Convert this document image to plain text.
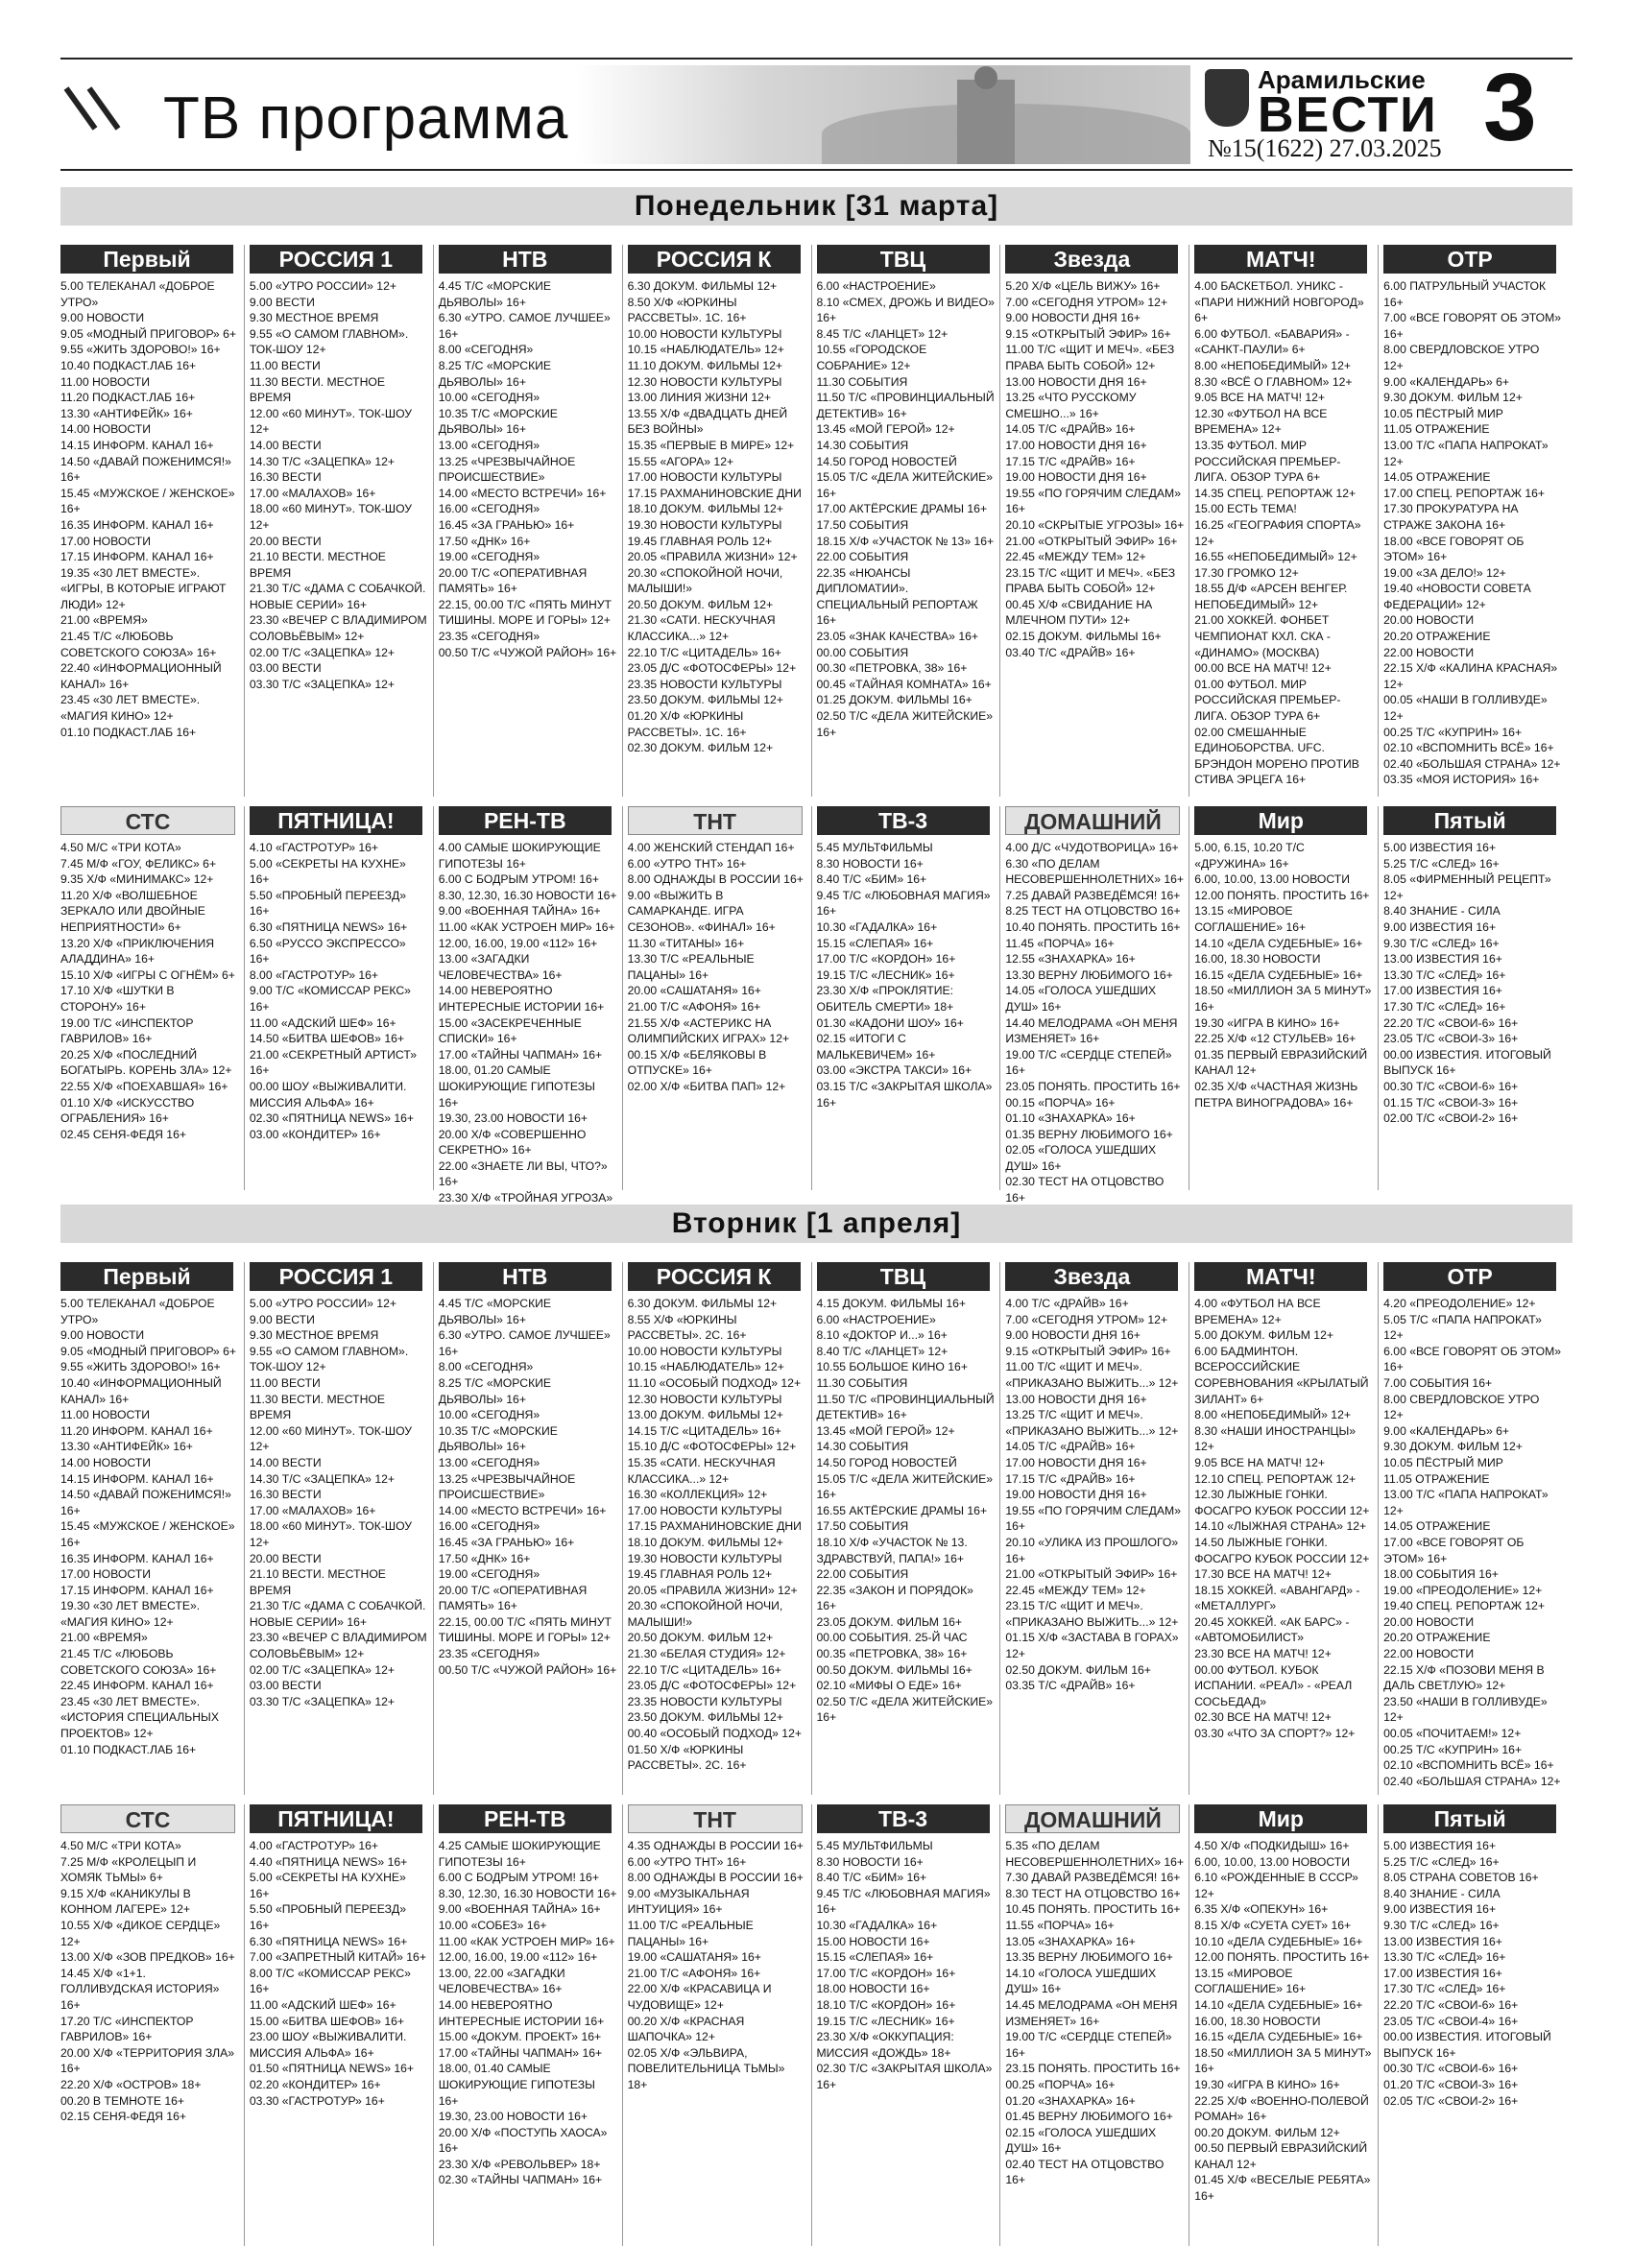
ТВ программа
Арамильские
ВЕСТИ
№15(1622) 27.03.2025 3
Понедельник [31 марта]
Первый
5.00 ТЕЛЕКАНАЛ «ДОБРОЕ УТРО»
9.00 НОВОСТИ
9.05 «МОДНЫЙ ПРИГОВОР» 6+
9.55 «ЖИТЬ ЗДОРОВО!» 16+
10.40 ПОДКАСТ.ЛАБ 16+
11.00 НОВОСТИ
11.20 ПОДКАСТ.ЛАБ 16+
13.30 «АНТИФЕЙК» 16+
14.00 НОВОСТИ
14.15 ИНФОРМ. КАНАЛ 16+
14.50 «ДАВАЙ ПОЖЕНИМСЯ!» 16+
15.45 «МУЖСКОЕ / ЖЕНСКОЕ» 16+
16.35 ИНФОРМ. КАНАЛ 16+
17.00 НОВОСТИ
17.15 ИНФОРМ. КАНАЛ 16+
19.35 «30 ЛЕТ ВМЕСТЕ». «ИГРЫ, В КОТОРЫЕ ИГРАЮТ ЛЮДИ» 12+
21.00 «ВРЕМЯ»
21.45 Т/С «ЛЮБОВЬ СОВЕТСКОГО СОЮЗА» 16+
22.40 «ИНФОРМАЦИОННЫЙ КАНАЛ» 16+
23.45 «30 ЛЕТ ВМЕСТЕ». «МАГИЯ КИНО» 12+
01.10 ПОДКАСТ.ЛАБ 16+
РОССИЯ 1
5.00 «УТРО РОССИИ» 12+
9.00 ВЕСТИ
9.30 МЕСТНОЕ ВРЕМЯ
9.55 «О САМОМ ГЛАВНОМ». ТОК-ШОУ 12+
11.00 ВЕСТИ
11.30 ВЕСТИ. МЕСТНОЕ ВРЕМЯ
12.00 «60 МИНУТ». ТОК-ШОУ 12+
14.00 ВЕСТИ
14.30 Т/С «ЗАЦЕПКА» 12+
16.30 ВЕСТИ
17.00 «МАЛАХОВ» 16+
18.00 «60 МИНУТ». ТОК-ШОУ 12+
20.00 ВЕСТИ
21.10 ВЕСТИ. МЕСТНОЕ ВРЕМЯ
21.30 Т/С «ДАМА С СОБАЧКОЙ. НОВЫЕ СЕРИИ» 16+
23.30 «ВЕЧЕР С ВЛАДИМИРОМ СОЛОВЬЁВЫМ» 12+
02.00 Т/С «ЗАЦЕПКА» 12+
03.00 ВЕСТИ
03.30 Т/С «ЗАЦЕПКА» 12+
НТВ
4.45 Т/С «МОРСКИЕ ДЬЯВОЛЫ» 16+
6.30 «УТРО. САМОЕ ЛУЧШЕЕ» 16+
8.00 «СЕГОДНЯ»
8.25 Т/С «МОРСКИЕ ДЬЯВОЛЫ» 16+
10.00 «СЕГОДНЯ»
10.35 Т/С «МОРСКИЕ ДЬЯВОЛЫ» 16+
13.00 «СЕГОДНЯ»
13.25 «ЧРЕЗВЫЧАЙНОЕ ПРОИСШЕСТВИЕ»
14.00 «МЕСТО ВСТРЕЧИ» 16+
16.00 «СЕГОДНЯ»
16.45 «ЗА ГРАНЬЮ» 16+
17.50 «ДНК» 16+
19.00 «СЕГОДНЯ»
20.00 Т/С «ОПЕРАТИВНАЯ ПАМЯТЬ» 16+
22.15, 00.00 Т/С «ПЯТЬ МИНУТ ТИШИНЫ. МОРЕ И ГОРЫ» 12+
23.35 «СЕГОДНЯ»
00.50 Т/С «ЧУЖОЙ РАЙОН» 16+
РОССИЯ К
6.30 ДОКУМ. ФИЛЬМЫ 12+
8.50 Х/Ф «ЮРКИНЫ РАССВЕТЫ». 1С. 16+
10.00 НОВОСТИ КУЛЬТУРЫ
10.15 «НАБЛЮДАТЕЛЬ» 12+
11.10 ДОКУМ. ФИЛЬМЫ 12+
12.30 НОВОСТИ КУЛЬТУРЫ
13.00 ЛИНИЯ ЖИЗНИ 12+
13.55 Х/Ф «ДВАДЦАТЬ ДНЕЙ БЕЗ ВОЙНЫ»
15.35 «ПЕРВЫЕ В МИРЕ» 12+
15.55 «АГОРА» 12+
17.00 НОВОСТИ КУЛЬТУРЫ
17.15 РАХМАНИНОВСКИЕ ДНИ
18.10 ДОКУМ. ФИЛЬМЫ 12+
19.30 НОВОСТИ КУЛЬТУРЫ
19.45 ГЛАВНАЯ РОЛЬ 12+
20.05 «ПРАВИЛА ЖИЗНИ» 12+
20.30 «СПОКОЙНОЙ НОЧИ, МАЛЫШИ!»
20.50 ДОКУМ. ФИЛЬМ 12+
21.30 «САТИ. НЕСКУЧНАЯ КЛАССИКА...» 12+
22.10 Т/С «ЦИТАДЕЛЬ» 16+
23.05 Д/С «ФОТОСФЕРЫ» 12+
23.35 НОВОСТИ КУЛЬТУРЫ
23.50 ДОКУМ. ФИЛЬМЫ 12+
01.20 Х/Ф «ЮРКИНЫ РАССВЕТЫ». 1С. 16+
02.30 ДОКУМ. ФИЛЬМ 12+
ТВЦ
6.00 «НАСТРОЕНИЕ»
8.10 «СМЕХ, ДРОЖЬ И ВИДЕО» 16+
8.45 Т/С «ЛАНЦЕТ» 12+
10.55 «ГОРОДСКОЕ СОБРАНИЕ» 12+
11.30 СОБЫТИЯ
11.50 Т/С «ПРОВИНЦИАЛЬНЫЙ ДЕТЕКТИВ» 16+
13.45 «МОЙ ГЕРОЙ» 12+
14.30 СОБЫТИЯ
14.50 ГОРОД НОВОСТЕЙ
15.05 Т/С «ДЕЛА ЖИТЕЙСКИЕ» 16+
17.00 АКТЁРСКИЕ ДРАМЫ 16+
17.50 СОБЫТИЯ
18.15 Х/Ф «УЧАСТОК № 13» 16+
22.00 СОБЫТИЯ
22.35 «НЮАНСЫ ДИПЛОМАТИИ». СПЕЦИАЛЬНЫЙ РЕПОРТАЖ 16+
23.05 «ЗНАК КАЧЕСТВА» 16+
00.00 СОБЫТИЯ
00.30 «ПЕТРОВКА, 38» 16+
00.45 «ТАЙНАЯ КОМНАТА» 16+
01.25 ДОКУМ. ФИЛЬМЫ 16+
02.50 Т/С «ДЕЛА ЖИТЕЙСКИЕ» 16+
Звезда
5.20 Х/Ф «ЦЕЛЬ ВИЖУ» 16+
7.00 «СЕГОДНЯ УТРОМ» 12+
9.00 НОВОСТИ ДНЯ 16+
9.15 «ОТКРЫТЫЙ ЭФИР» 16+
11.00 Т/С «ЩИТ И МЕЧ». «БЕЗ ПРАВА БЫТЬ СОБОЙ» 12+
13.00 НОВОСТИ ДНЯ 16+
13.25 «ЧТО РУССКОМУ СМЕШНО...» 16+
14.05 Т/С «ДРАЙВ» 16+
17.00 НОВОСТИ ДНЯ 16+
17.15 Т/С «ДРАЙВ» 16+
19.00 НОВОСТИ ДНЯ 16+
19.55 «ПО ГОРЯЧИМ СЛЕДАМ» 16+
20.10 «СКРЫТЫЕ УГРОЗЫ» 16+
21.00 «ОТКРЫТЫЙ ЭФИР» 16+
22.45 «МЕЖДУ ТЕМ» 12+
23.15 Т/С «ЩИТ И МЕЧ». «БЕЗ ПРАВА БЫТЬ СОБОЙ» 12+
00.45 Х/Ф «СВИДАНИЕ НА МЛЕЧНОМ ПУТИ» 12+
02.15 ДОКУМ. ФИЛЬМЫ 16+
03.40 Т/С «ДРАЙВ» 16+
МАТЧ!
4.00 БАСКЕТБОЛ. УНИКС - «ПАРИ НИЖНИЙ НОВГОРОД» 6+
6.00 ФУТБОЛ. «БАВАРИЯ» - «САНКТ-ПАУЛИ» 6+
8.00 «НЕПОБЕДИМЫЙ» 12+
8.30 «ВСЁ О ГЛАВНОМ» 12+
9.05 ВСЕ НА МАТЧ! 12+
12.30 «ФУТБОЛ НА ВСЕ ВРЕМЕНА» 12+
13.35 ФУТБОЛ. МИР РОССИЙСКАЯ ПРЕМЬЕР-ЛИГА. ОБЗОР ТУРА 6+
14.35 СПЕЦ. РЕПОРТАЖ 12+
15.00 ЕСТЬ ТЕМА!
16.25 «ГЕОГРАФИЯ СПОРТА» 12+
16.55 «НЕПОБЕДИМЫЙ» 12+
17.30 ГРОМКО 12+
18.55 Д/Ф «АРСЕН ВЕНГЕР. НЕПОБЕДИМЫЙ» 12+
21.00 ХОККЕЙ. ФОНБЕТ ЧЕМПИОНАТ КХЛ. СКА - «ДИНАМО» (МОСКВА)
00.00 ВСЕ НА МАТЧ! 12+
01.00 ФУТБОЛ. МИР РОССИЙСКАЯ ПРЕМЬЕР-ЛИГА. ОБЗОР ТУРА 6+
02.00 СМЕШАННЫЕ ЕДИНОБОРСТВА. UFC. БРЭНДОН МОРЕНО ПРОТИВ СТИВА ЭРЦЕГА 16+
ОТР
6.00 ПАТРУЛЬНЫЙ УЧАСТОК 16+
7.00 «ВСЕ ГОВОРЯТ ОБ ЭТОМ» 16+
8.00 СВЕРДЛОВСКОЕ УТРО 12+
9.00 «КАЛЕНДАРЬ» 6+
9.30 ДОКУМ. ФИЛЬМ 12+
10.05 ПЁСТРЫЙ МИР
11.05 ОТРАЖЕНИЕ
13.00 Т/С «ПАПА НАПРОКАТ» 12+
14.05 ОТРАЖЕНИЕ
17.00 СПЕЦ. РЕПОРТАЖ 16+
17.30 ПРОКУРАТУРА НА СТРАЖЕ ЗАКОНА 16+
18.00 «ВСЕ ГОВОРЯТ ОБ ЭТОМ» 16+
19.00 «ЗА ДЕЛО!» 12+
19.40 «НОВОСТИ СОВЕТА ФЕДЕРАЦИИ» 12+
20.00 НОВОСТИ
20.20 ОТРАЖЕНИЕ
22.00 НОВОСТИ
22.15 Х/Ф «КАЛИНА КРАСНАЯ» 12+
00.05 «НАШИ В ГОЛЛИВУДЕ» 12+
00.25 Т/С «КУПРИН» 16+
02.10 «ВСПОМНИТЬ ВСЁ» 16+
02.40 «БОЛЬШАЯ СТРАНА» 12+
03.35 «МОЯ ИСТОРИЯ» 16+
СТС
4.50 М/С «ТРИ КОТА»
7.45 М/Ф «ГОУ, ФЕЛИКС» 6+
9.35 Х/Ф «МИНИМАКС» 12+
11.20 Х/Ф «ВОЛШЕБНОЕ ЗЕРКАЛО ИЛИ ДВОЙНЫЕ НЕПРИЯТНОСТИ» 6+
13.20 Х/Ф «ПРИКЛЮЧЕНИЯ АЛАДДИНА» 16+
15.10 Х/Ф «ИГРЫ С ОГНЁМ» 6+
17.10 Х/Ф «ШУТКИ В СТОРОНУ» 16+
19.00 Т/С «ИНСПЕКТОР ГАВРИЛОВ» 16+
20.25 Х/Ф «ПОСЛЕДНИЙ БОГАТЫРЬ. КОРЕНЬ ЗЛА» 12+
22.55 Х/Ф «ПОЕХАВШАЯ» 16+
01.10 Х/Ф «ИСКУССТВО ОГРАБЛЕНИЯ» 16+
02.45 СЕНЯ-ФЕДЯ 16+
ПЯТНИЦА!
4.10 «ГАСТРОТУР» 16+
5.00 «СЕКРЕТЫ НА КУХНЕ» 16+
5.50 «ПРОБНЫЙ ПЕРЕЕЗД» 16+
6.30 «ПЯТНИЦА NEWS» 16+
6.50 «РУССО ЭКСПРЕССО» 16+
8.00 «ГАСТРОТУР» 16+
9.00 Т/С «КОМИССАР РЕКС» 16+
11.00 «АДСКИЙ ШЕФ» 16+
14.50 «БИТВА ШЕФОВ» 16+
21.00 «СЕКРЕТНЫЙ АРТИСТ» 16+
00.00 ШОУ «ВЫЖИВАЛИТИ. МИССИЯ АЛЬФА» 16+
02.30 «ПЯТНИЦА NEWS» 16+
03.00 «КОНДИТЕР» 16+
РЕН-ТВ
4.00 САМЫЕ ШОКИРУЮЩИЕ ГИПОТЕЗЫ 16+
6.00 С БОДРЫМ УТРОМ! 16+
8.30, 12.30, 16.30 НОВОСТИ 16+
9.00 «ВОЕННАЯ ТАЙНА» 16+
11.00 «КАК УСТРОЕН МИР» 16+
12.00, 16.00, 19.00 «112» 16+
13.00 «ЗАГАДКИ ЧЕЛОВЕЧЕСТВА» 16+
14.00 НЕВЕРОЯТНО ИНТЕРЕСНЫЕ ИСТОРИИ 16+
15.00 «ЗАСЕКРЕЧЕННЫЕ СПИСКИ» 16+
17.00 «ТАЙНЫ ЧАПМАН» 16+
18.00, 01.20 САМЫЕ ШОКИРУЮЩИЕ ГИПОТЕЗЫ 16+
19.30, 23.00 НОВОСТИ 16+
20.00 Х/Ф «СОВЕРШЕННО СЕКРЕТНО» 16+
22.00 «ЗНАЕТЕ ЛИ ВЫ, ЧТО?» 16+
23.30 Х/Ф «ТРОЙНАЯ УГРОЗА»
ТНТ
4.00 ЖЕНСКИЙ СТЕНДАП 16+
6.00 «УТРО ТНТ» 16+
8.00 ОДНАЖДЫ В РОССИИ 16+
9.00 «ВЫЖИТЬ В САМАРКАНДЕ. ИГРА СЕЗОНОВ». «ФИНАЛ» 16+
11.30 «ТИТАНЫ» 16+
13.30 Т/С «РЕАЛЬНЫЕ ПАЦАНЫ» 16+
20.00 «САШАТАНЯ» 16+
21.00 Т/С «АФОНЯ» 16+
21.55 Х/Ф «АСТЕРИКС НА ОЛИМПИЙСКИХ ИГРАХ» 12+
00.15 Х/Ф «БЕЛЯКОВЫ В ОТПУСКЕ» 16+
02.00 Х/Ф «БИТВА ПАП» 12+
ТВ-3
5.45 МУЛЬТФИЛЬМЫ
8.30 НОВОСТИ 16+
8.40 Т/С «БИМ» 16+
9.45 Т/С «ЛЮБОВНАЯ МАГИЯ» 16+
10.30 «ГАДАЛКА» 16+
15.15 «СЛЕПАЯ» 16+
17.00 Т/С «КОРДОН» 16+
19.15 Т/С «ЛЕСНИК» 16+
23.30 Х/Ф «ПРОКЛЯТИЕ: ОБИТЕЛЬ СМЕРТИ» 18+
01.30 «КАДОНИ ШОУ» 16+
02.15 «ИТОГИ С МАЛЬКЕВИЧЕМ» 16+
03.00 «ЭКСТРА ТАКСИ» 16+
03.15 Т/С «ЗАКРЫТАЯ ШКОЛА» 16+
ДОМАШНИЙ
4.00 Д/С «ЧУДОТВОРИЦА» 16+
6.30 «ПО ДЕЛАМ НЕСОВЕРШЕННОЛЕТНИХ» 16+
7.25 ДАВАЙ РАЗВЕДЁМСЯ! 16+
8.25 ТЕСТ НА ОТЦОВСТВО 16+
10.40 ПОНЯТЬ. ПРОСТИТЬ 16+
11.45 «ПОРЧА» 16+
12.55 «ЗНАХАРКА» 16+
13.30 ВЕРНУ ЛЮБИМОГО 16+
14.05 «ГОЛОСА УШЕДШИХ ДУШ» 16+
14.40 МЕЛОДРАМА «ОН МЕНЯ ИЗМЕНЯЕТ» 16+
19.00 Т/С «СЕРДЦЕ СТЕПЕЙ» 16+
23.05 ПОНЯТЬ. ПРОСТИТЬ 16+
00.15 «ПОРЧА» 16+
01.10 «ЗНАХАРКА» 16+
01.35 ВЕРНУ ЛЮБИМОГО 16+
02.05 «ГОЛОСА УШЕДШИХ ДУШ» 16+
02.30 ТЕСТ НА ОТЦОВСТВО 16+
Мир
5.00, 6.15, 10.20 Т/С «ДРУЖИНА» 16+
6.00, 10.00, 13.00 НОВОСТИ
12.00 ПОНЯТЬ. ПРОСТИТЬ 16+
13.15 «МИРОВОЕ СОГЛАШЕНИЕ» 16+
14.10 «ДЕЛА СУДЕБНЫЕ» 16+
16.00, 18.30 НОВОСТИ
16.15 «ДЕЛА СУДЕБНЫЕ» 16+
18.50 «МИЛЛИОН ЗА 5 МИНУТ» 16+
19.30 «ИГРА В КИНО» 16+
22.25 Х/Ф «12 СТУЛЬЕВ» 16+
01.35 ПЕРВЫЙ ЕВРАЗИЙСКИЙ КАНАЛ 12+
02.35 Х/Ф «ЧАСТНАЯ ЖИЗНЬ ПЕТРА ВИНОГРАДОВА» 16+
Пятый
5.00 ИЗВЕСТИЯ 16+
5.25 Т/С «СЛЕД» 16+
8.05 «ФИРМЕННЫЙ РЕЦЕПТ» 12+
8.40 ЗНАНИЕ - СИЛА
9.00 ИЗВЕСТИЯ 16+
9.30 Т/С «СЛЕД» 16+
13.00 ИЗВЕСТИЯ 16+
13.30 Т/С «СЛЕД» 16+
17.00 ИЗВЕСТИЯ 16+
17.30 Т/С «СЛЕД» 16+
22.20 Т/С «СВОИ-6» 16+
23.05 Т/С «СВОИ-3» 16+
00.00 ИЗВЕСТИЯ. ИТОГОВЫЙ ВЫПУСК 16+
00.30 Т/С «СВОИ-6» 16+
01.15 Т/С «СВОИ-3» 16+
02.00 Т/С «СВОИ-2» 16+
Вторник [1 апреля]
Первый
5.00 ТЕЛЕКАНАЛ «ДОБРОЕ УТРО»
9.00 НОВОСТИ
9.05 «МОДНЫЙ ПРИГОВОР» 6+
9.55 «ЖИТЬ ЗДОРОВО!» 16+
10.40 «ИНФОРМАЦИОННЫЙ КАНАЛ» 16+
11.00 НОВОСТИ
11.20 ИНФОРМ. КАНАЛ 16+
13.30 «АНТИФЕЙК» 16+
14.00 НОВОСТИ
14.15 ИНФОРМ. КАНАЛ 16+
14.50 «ДАВАЙ ПОЖЕНИМСЯ!» 16+
15.45 «МУЖСКОЕ / ЖЕНСКОЕ» 16+
16.35 ИНФОРМ. КАНАЛ 16+
17.00 НОВОСТИ
17.15 ИНФОРМ. КАНАЛ 16+
19.30 «30 ЛЕТ ВМЕСТЕ». «МАГИЯ КИНО» 12+
21.00 «ВРЕМЯ»
21.45 Т/С «ЛЮБОВЬ СОВЕТСКОГО СОЮЗА» 16+
22.45 ИНФОРМ. КАНАЛ 16+
23.45 «30 ЛЕТ ВМЕСТЕ». «ИСТОРИЯ СПЕЦИАЛЬНЫХ ПРОЕКТОВ» 12+
01.10 ПОДКАСТ.ЛАБ 16+
РОССИЯ 1
5.00 «УТРО РОССИИ» 12+
9.00 ВЕСТИ
9.30 МЕСТНОЕ ВРЕМЯ
9.55 «О САМОМ ГЛАВНОМ». ТОК-ШОУ 12+
11.00 ВЕСТИ
11.30 ВЕСТИ. МЕСТНОЕ ВРЕМЯ
12.00 «60 МИНУТ». ТОК-ШОУ 12+
14.00 ВЕСТИ
14.30 Т/С «ЗАЦЕПКА» 12+
16.30 ВЕСТИ
17.00 «МАЛАХОВ» 16+
18.00 «60 МИНУТ». ТОК-ШОУ 12+
20.00 ВЕСТИ
21.10 ВЕСТИ. МЕСТНОЕ ВРЕМЯ
21.30 Т/С «ДАМА С СОБАЧКОЙ. НОВЫЕ СЕРИИ» 16+
23.30 «ВЕЧЕР С ВЛАДИМИРОМ СОЛОВЬЁВЫМ» 12+
02.00 Т/С «ЗАЦЕПКА» 12+
03.00 ВЕСТИ
03.30 Т/С «ЗАЦЕПКА» 12+
НТВ
4.45 Т/С «МОРСКИЕ ДЬЯВОЛЫ» 16+
6.30 «УТРО. САМОЕ ЛУЧШЕЕ» 16+
8.00 «СЕГОДНЯ»
8.25 Т/С «МОРСКИЕ ДЬЯВОЛЫ» 16+
10.00 «СЕГОДНЯ»
10.35 Т/С «МОРСКИЕ ДЬЯВОЛЫ» 16+
13.00 «СЕГОДНЯ»
13.25 «ЧРЕЗВЫЧАЙНОЕ ПРОИСШЕСТВИЕ»
14.00 «МЕСТО ВСТРЕЧИ» 16+
16.00 «СЕГОДНЯ»
16.45 «ЗА ГРАНЬЮ» 16+
17.50 «ДНК» 16+
19.00 «СЕГОДНЯ»
20.00 Т/С «ОПЕРАТИВНАЯ ПАМЯТЬ» 16+
22.15, 00.00 Т/С «ПЯТЬ МИНУТ ТИШИНЫ. МОРЕ И ГОРЫ» 12+
23.35 «СЕГОДНЯ»
00.50 Т/С «ЧУЖОЙ РАЙОН» 16+
РОССИЯ К
6.30 ДОКУМ. ФИЛЬМЫ 12+
8.55 Х/Ф «ЮРКИНЫ РАССВЕТЫ». 2С. 16+
10.00 НОВОСТИ КУЛЬТУРЫ
10.15 «НАБЛЮДАТЕЛЬ» 12+
11.10 «ОСОБЫЙ ПОДХОД» 12+
12.30 НОВОСТИ КУЛЬТУРЫ
13.00 ДОКУМ. ФИЛЬМЫ 12+
14.15 Т/С «ЦИТАДЕЛЬ» 16+
15.10 Д/С «ФОТОСФЕРЫ» 12+
15.35 «САТИ. НЕСКУЧНАЯ КЛАССИКА...» 12+
16.30 «КОЛЛЕКЦИЯ» 12+
17.00 НОВОСТИ КУЛЬТУРЫ
17.15 РАХМАНИНОВСКИЕ ДНИ
18.10 ДОКУМ. ФИЛЬМЫ 12+
19.30 НОВОСТИ КУЛЬТУРЫ
19.45 ГЛАВНАЯ РОЛЬ 12+
20.05 «ПРАВИЛА ЖИЗНИ» 12+
20.30 «СПОКОЙНОЙ НОЧИ, МАЛЫШИ!»
20.50 ДОКУМ. ФИЛЬМ 12+
21.30 «БЕЛАЯ СТУДИЯ» 12+
22.10 Т/С «ЦИТАДЕЛЬ» 16+
23.05 Д/С «ФОТОСФЕРЫ» 12+
23.35 НОВОСТИ КУЛЬТУРЫ
23.50 ДОКУМ. ФИЛЬМЫ 12+
00.40 «ОСОБЫЙ ПОДХОД» 12+
01.50 Х/Ф «ЮРКИНЫ РАССВЕТЫ». 2С. 16+
ТВЦ
4.15 ДОКУМ. ФИЛЬМЫ 16+
6.00 «НАСТРОЕНИЕ»
8.10 «ДОКТОР И...» 16+
8.40 Т/С «ЛАНЦЕТ» 12+
10.55 БОЛЬШОЕ КИНО 16+
11.30 СОБЫТИЯ
11.50 Т/С «ПРОВИНЦИАЛЬНЫЙ ДЕТЕКТИВ» 16+
13.45 «МОЙ ГЕРОЙ» 12+
14.30 СОБЫТИЯ
14.50 ГОРОД НОВОСТЕЙ
15.05 Т/С «ДЕЛА ЖИТЕЙСКИЕ» 16+
16.55 АКТЁРСКИЕ ДРАМЫ 16+
17.50 СОБЫТИЯ
18.10 Х/Ф «УЧАСТОК № 13. ЗДРАВСТВУЙ, ПАПА!» 16+
22.00 СОБЫТИЯ
22.35 «ЗАКОН И ПОРЯДОК» 16+
23.05 ДОКУМ. ФИЛЬМ 16+
00.00 СОБЫТИЯ. 25-Й ЧАС
00.35 «ПЕТРОВКА, 38» 16+
00.50 ДОКУМ. ФИЛЬМЫ 16+
02.10 «МИФЫ О ЕДЕ» 16+
02.50 Т/С «ДЕЛА ЖИТЕЙСКИЕ» 16+
Звезда
4.00 Т/С «ДРАЙВ» 16+
7.00 «СЕГОДНЯ УТРОМ» 12+
9.00 НОВОСТИ ДНЯ 16+
9.15 «ОТКРЫТЫЙ ЭФИР» 16+
11.00 Т/С «ЩИТ И МЕЧ». «ПРИКАЗАНО ВЫЖИТЬ...» 12+
13.00 НОВОСТИ ДНЯ 16+
13.25 Т/С «ЩИТ И МЕЧ». «ПРИКАЗАНО ВЫЖИТЬ...» 12+
14.05 Т/С «ДРАЙВ» 16+
17.00 НОВОСТИ ДНЯ 16+
17.15 Т/С «ДРАЙВ» 16+
19.00 НОВОСТИ ДНЯ 16+
19.55 «ПО ГОРЯЧИМ СЛЕДАМ» 16+
20.10 «УЛИКА ИЗ ПРОШЛОГО» 16+
21.00 «ОТКРЫТЫЙ ЭФИР» 16+
22.45 «МЕЖДУ ТЕМ» 12+
23.15 Т/С «ЩИТ И МЕЧ». «ПРИКАЗАНО ВЫЖИТЬ...» 12+
01.15 Х/Ф «ЗАСТАВА В ГОРАХ» 12+
02.50 ДОКУМ. ФИЛЬМ 16+
03.35 Т/С «ДРАЙВ» 16+
МАТЧ!
4.00 «ФУТБОЛ НА ВСЕ ВРЕМЕНА» 12+
5.00 ДОКУМ. ФИЛЬМ 12+
6.00 БАДМИНТОН. ВСЕРОССИЙСКИЕ СОРЕВНОВАНИЯ «КРЫЛАТЫЙ ЗИЛАНТ» 6+
8.00 «НЕПОБЕДИМЫЙ» 12+
8.30 «НАШИ ИНОСТРАНЦЫ» 12+
9.05 ВСЕ НА МАТЧ! 12+
12.10 СПЕЦ. РЕПОРТАЖ 12+
12.30 ЛЫЖНЫЕ ГОНКИ. ФОСАГРО КУБОК РОССИИ 12+
14.10 «ЛЫЖНАЯ СТРАНА» 12+
14.50 ЛЫЖНЫЕ ГОНКИ. ФОСАГРО КУБОК РОССИИ 12+
17.30 ВСЕ НА МАТЧ! 12+
18.15 ХОККЕЙ. «АВАНГАРД» - «МЕТАЛЛУРГ»
20.45 ХОККЕЙ. «АК БАРС» - «АВТОМОБИЛИСТ»
23.30 ВСЕ НА МАТЧ! 12+
00.00 ФУТБОЛ. КУБОК ИСПАНИИ. «РЕАЛ» - «РЕАЛ СОСЬЕДАД»
02.30 ВСЕ НА МАТЧ! 12+
03.30 «ЧТО ЗА СПОРТ?» 12+
ОТР
4.20 «ПРЕОДОЛЕНИЕ» 12+
5.05 Т/С «ПАПА НАПРОКАТ» 12+
6.00 «ВСЕ ГОВОРЯТ ОБ ЭТОМ» 16+
7.00 СОБЫТИЯ 16+
8.00 СВЕРДЛОВСКОЕ УТРО 12+
9.00 «КАЛЕНДАРЬ» 6+
9.30 ДОКУМ. ФИЛЬМ 12+
10.05 ПЁСТРЫЙ МИР
11.05 ОТРАЖЕНИЕ
13.00 Т/С «ПАПА НАПРОКАТ» 12+
14.05 ОТРАЖЕНИЕ
17.00 «ВСЕ ГОВОРЯТ ОБ ЭТОМ» 16+
18.00 СОБЫТИЯ 16+
19.00 «ПРЕОДОЛЕНИЕ» 12+
19.40 СПЕЦ. РЕПОРТАЖ 12+
20.00 НОВОСТИ
20.20 ОТРАЖЕНИЕ
22.00 НОВОСТИ
22.15 Х/Ф «ПОЗОВИ МЕНЯ В ДАЛЬ СВЕТЛУЮ» 12+
23.50 «НАШИ В ГОЛЛИВУДЕ» 12+
00.05 «ПОЧИТАЕМ!» 12+
00.25 Т/С «КУПРИН» 16+
02.10 «ВСПОМНИТЬ ВСЁ» 16+
02.40 «БОЛЬШАЯ СТРАНА» 12+
СТС
4.50 М/С «ТРИ КОТА»
7.25 М/Ф «КРОЛЕЦЫП И ХОМЯК ТЬМЫ» 6+
9.15 Х/Ф «КАНИКУЛЫ В КОННОМ ЛАГЕРЕ» 12+
10.55 Х/Ф «ДИКОЕ СЕРДЦЕ» 12+
13.00 Х/Ф «ЗОВ ПРЕДКОВ» 16+
14.45 Х/Ф «1+1. ГОЛЛИВУДСКАЯ ИСТОРИЯ» 16+
17.20 Т/С «ИНСПЕКТОР ГАВРИЛОВ» 16+
20.00 Х/Ф «ТЕРРИТОРИЯ ЗЛА» 16+
22.20 Х/Ф «ОСТРОВ» 18+
00.20 В ТЕМНОТЕ 16+
02.15 СЕНЯ-ФЕДЯ 16+
ПЯТНИЦА!
4.00 «ГАСТРОТУР» 16+
4.40 «ПЯТНИЦА NEWS» 16+
5.00 «СЕКРЕТЫ НА КУХНЕ» 16+
5.50 «ПРОБНЫЙ ПЕРЕЕЗД» 16+
6.30 «ПЯТНИЦА NEWS» 16+
7.00 «ЗАПРЕТНЫЙ КИТАЙ» 16+
8.00 Т/С «КОМИССАР РЕКС» 16+
11.00 «АДСКИЙ ШЕФ» 16+
15.00 «БИТВА ШЕФОВ» 16+
23.00 ШОУ «ВЫЖИВАЛИТИ. МИССИЯ АЛЬФА» 16+
01.50 «ПЯТНИЦА NEWS» 16+
02.20 «КОНДИТЕР» 16+
03.30 «ГАСТРОТУР» 16+
РЕН-ТВ
4.25 САМЫЕ ШОКИРУЮЩИЕ ГИПОТЕЗЫ 16+
6.00 С БОДРЫМ УТРОМ! 16+
8.30, 12.30, 16.30 НОВОСТИ 16+
9.00 «ВОЕННАЯ ТАЙНА» 16+
10.00 «СОБЕЗ» 16+
11.00 «КАК УСТРОЕН МИР» 16+
12.00, 16.00, 19.00 «112» 16+
13.00, 22.00 «ЗАГАДКИ ЧЕЛОВЕЧЕСТВА» 16+
14.00 НЕВЕРОЯТНО ИНТЕРЕСНЫЕ ИСТОРИИ 16+
15.00 «ДОКУМ. ПРОЕКТ» 16+
17.00 «ТАЙНЫ ЧАПМАН» 16+
18.00, 01.40 САМЫЕ ШОКИРУЮЩИЕ ГИПОТЕЗЫ 16+
19.30, 23.00 НОВОСТИ 16+
20.00 Х/Ф «ПОСТУПЬ ХАОСА» 16+
23.30 Х/Ф «РЕВОЛЬВЕР» 18+
02.30 «ТАЙНЫ ЧАПМАН» 16+
ТНТ
4.35 ОДНАЖДЫ В РОССИИ 16+
6.00 «УТРО ТНТ» 16+
8.00 ОДНАЖДЫ В РОССИИ 16+
9.00 «МУЗЫКАЛЬНАЯ ИНТУИЦИЯ» 16+
11.00 Т/С «РЕАЛЬНЫЕ ПАЦАНЫ» 16+
19.00 «САШАТАНЯ» 16+
21.00 Т/С «АФОНЯ» 16+
22.00 Х/Ф «КРАСАВИЦА И ЧУДОВИЩЕ» 12+
00.20 Х/Ф «КРАСНАЯ ШАПОЧКА» 12+
02.05 Х/Ф «ЭЛЬВИРА, ПОВЕЛИТЕЛЬНИЦА ТЬМЫ» 18+
ТВ-3
5.45 МУЛЬТФИЛЬМЫ
8.30 НОВОСТИ 16+
8.40 Т/С «БИМ» 16+
9.45 Т/С «ЛЮБОВНАЯ МАГИЯ» 16+
10.30 «ГАДАЛКА» 16+
15.00 НОВОСТИ 16+
15.15 «СЛЕПАЯ» 16+
17.00 Т/С «КОРДОН» 16+
18.00 НОВОСТИ 16+
18.10 Т/С «КОРДОН» 16+
19.15 Т/С «ЛЕСНИК» 16+
23.30 Х/Ф «ОККУПАЦИЯ: МИССИЯ «ДОЖДЬ» 18+
02.30 Т/С «ЗАКРЫТАЯ ШКОЛА» 16+
ДОМАШНИЙ
5.35 «ПО ДЕЛАМ НЕСОВЕРШЕННОЛЕТНИХ» 16+
7.30 ДАВАЙ РАЗВЕДЁМСЯ! 16+
8.30 ТЕСТ НА ОТЦОВСТВО 16+
10.45 ПОНЯТЬ. ПРОСТИТЬ 16+
11.55 «ПОРЧА» 16+
13.05 «ЗНАХАРКА» 16+
13.35 ВЕРНУ ЛЮБИМОГО 16+
14.10 «ГОЛОСА УШЕДШИХ ДУШ» 16+
14.45 МЕЛОДРАМА «ОН МЕНЯ ИЗМЕНЯЕТ» 16+
19.00 Т/С «СЕРДЦЕ СТЕПЕЙ» 16+
23.15 ПОНЯТЬ. ПРОСТИТЬ 16+
00.25 «ПОРЧА» 16+
01.20 «ЗНАХАРКА» 16+
01.45 ВЕРНУ ЛЮБИМОГО 16+
02.15 «ГОЛОСА УШЕДШИХ ДУШ» 16+
02.40 ТЕСТ НА ОТЦОВСТВО 16+
Мир
4.50 Х/Ф «ПОДКИДЫШ» 16+
6.00, 10.00, 13.00 НОВОСТИ
6.10 «РОЖДЕННЫЕ В СССР» 12+
6.35 Х/Ф «ОПЕКУН» 16+
8.15 Х/Ф «СУЕТА СУЕТ» 16+
10.10 «ДЕЛА СУДЕБНЫЕ» 16+
12.00 ПОНЯТЬ. ПРОСТИТЬ 16+
13.15 «МИРОВОЕ СОГЛАШЕНИЕ» 16+
14.10 «ДЕЛА СУДЕБНЫЕ» 16+
16.00, 18.30 НОВОСТИ
16.15 «ДЕЛА СУДЕБНЫЕ» 16+
18.50 «МИЛЛИОН ЗА 5 МИНУТ» 16+
19.30 «ИГРА В КИНО» 16+
22.25 Х/Ф «ВОЕННО-ПОЛЕВОЙ РОМАН» 16+
00.20 ДОКУМ. ФИЛЬМ 12+
00.50 ПЕРВЫЙ ЕВРАЗИЙСКИЙ КАНАЛ 12+
01.45 Х/Ф «ВЕСЕЛЫЕ РЕБЯТА» 16+
Пятый
5.00 ИЗВЕСТИЯ 16+
5.25 Т/С «СЛЕД» 16+
8.05 СТРАНА СОВЕТОВ 16+
8.40 ЗНАНИЕ - СИЛА
9.00 ИЗВЕСТИЯ 16+
9.30 Т/С «СЛЕД» 16+
13.00 ИЗВЕСТИЯ 16+
13.30 Т/С «СЛЕД» 16+
17.00 ИЗВЕСТИЯ 16+
17.30 Т/С «СЛЕД» 16+
22.20 Т/С «СВОИ-6» 16+
23.05 Т/С «СВОИ-4» 16+
00.00 ИЗВЕСТИЯ. ИТОГОВЫЙ ВЫПУСК 16+
00.30 Т/С «СВОИ-6» 16+
01.20 Т/С «СВОИ-3» 16+
02.05 Т/С «СВОИ-2» 16+
